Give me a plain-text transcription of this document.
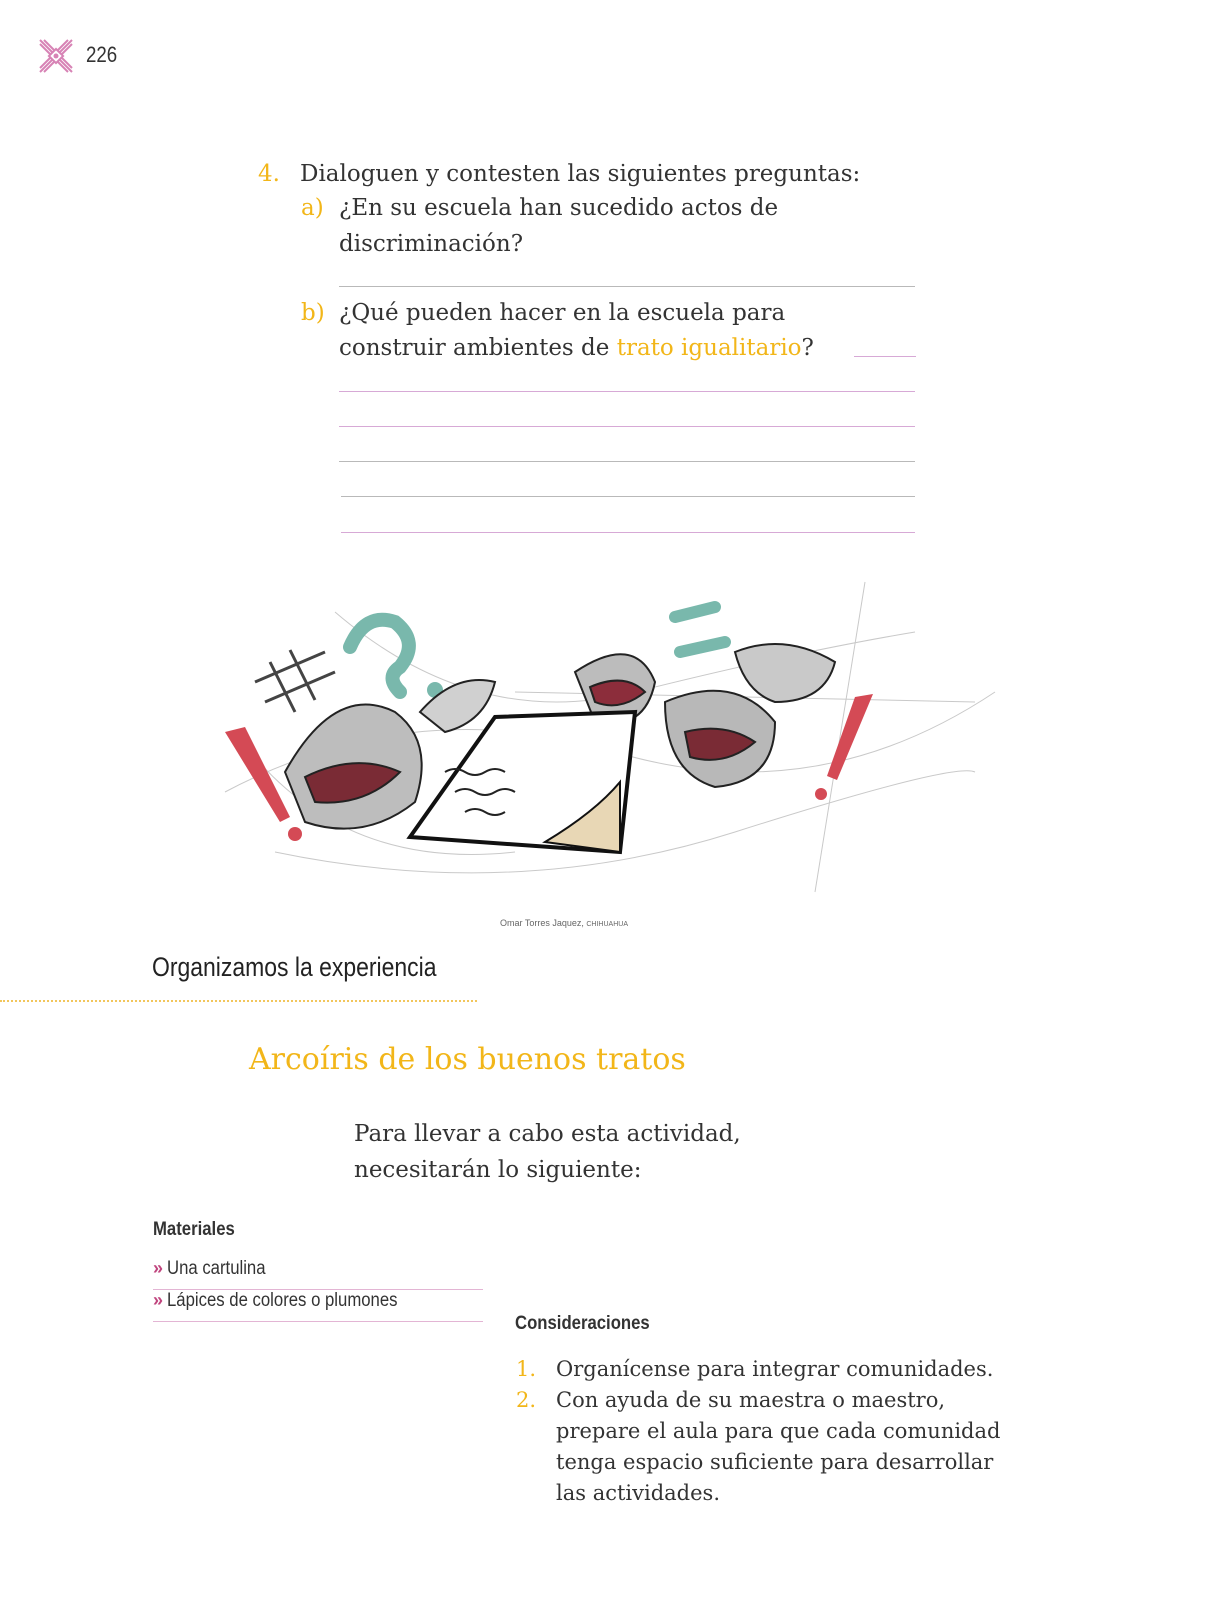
226
4. Dialoguen y contesten las siguientes preguntas:
a) ¿En su escuela han sucedido actos de
discriminación?
b) ¿Qué pueden hacer en la escuela para
construir ambientes de trato igualitario?
Omar Torres Jaquez, CHIHUAHUA
Organizamos la experiencia
Arcoíris de los buenos tratos
Para llevar a cabo esta actividad,
necesitarán lo siguiente:
Materiales
» Una cartulina
» Lápices de colores o plumones
Consideraciones
1. Organícense para integrar comunidades.
2. Con ayuda de su maestra o maestro, prepare el aula para que cada comunidad tenga espacio suficiente para desarrollar las actividades.
